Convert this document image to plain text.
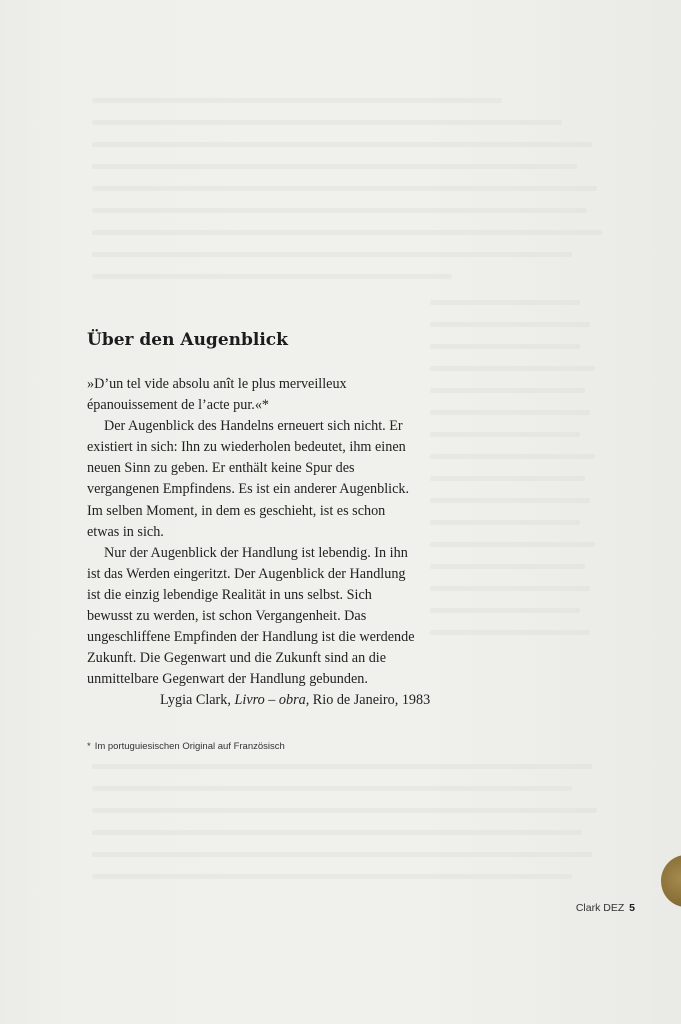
Über den Augenblick

»D’un tel vide absolu anît le plus merveilleux épanouissement de l’acte pur.«*

Der Augenblick des Handelns erneuert sich nicht. Er existiert in sich: Ihn zu wiederholen bedeutet, ihm einen neuen Sinn zu geben. Er enthält keine Spur des vergangenen Empfindens. Es ist ein anderer Augenblick. Im selben Moment, in dem es geschieht, ist es schon etwas in sich.

Nur der Augenblick der Handlung ist lebendig. In ihn ist das Werden eingeritzt. Der Augenblick der Handlung ist die einzig lebendige Realität in uns selbst. Sich bewusst zu werden, ist schon Vergangenheit. Das ungeschliffene Empfinden der Handlung ist die werdende Zukunft. Die Gegenwart und die Zukunft sind an die unmittelbare Gegenwart der Handlung gebunden.

Lygia Clark, Livro – obra, Rio de Janeiro, 1983

* Im portuguiesischen Original auf Französisch

Clark DEZ 5
